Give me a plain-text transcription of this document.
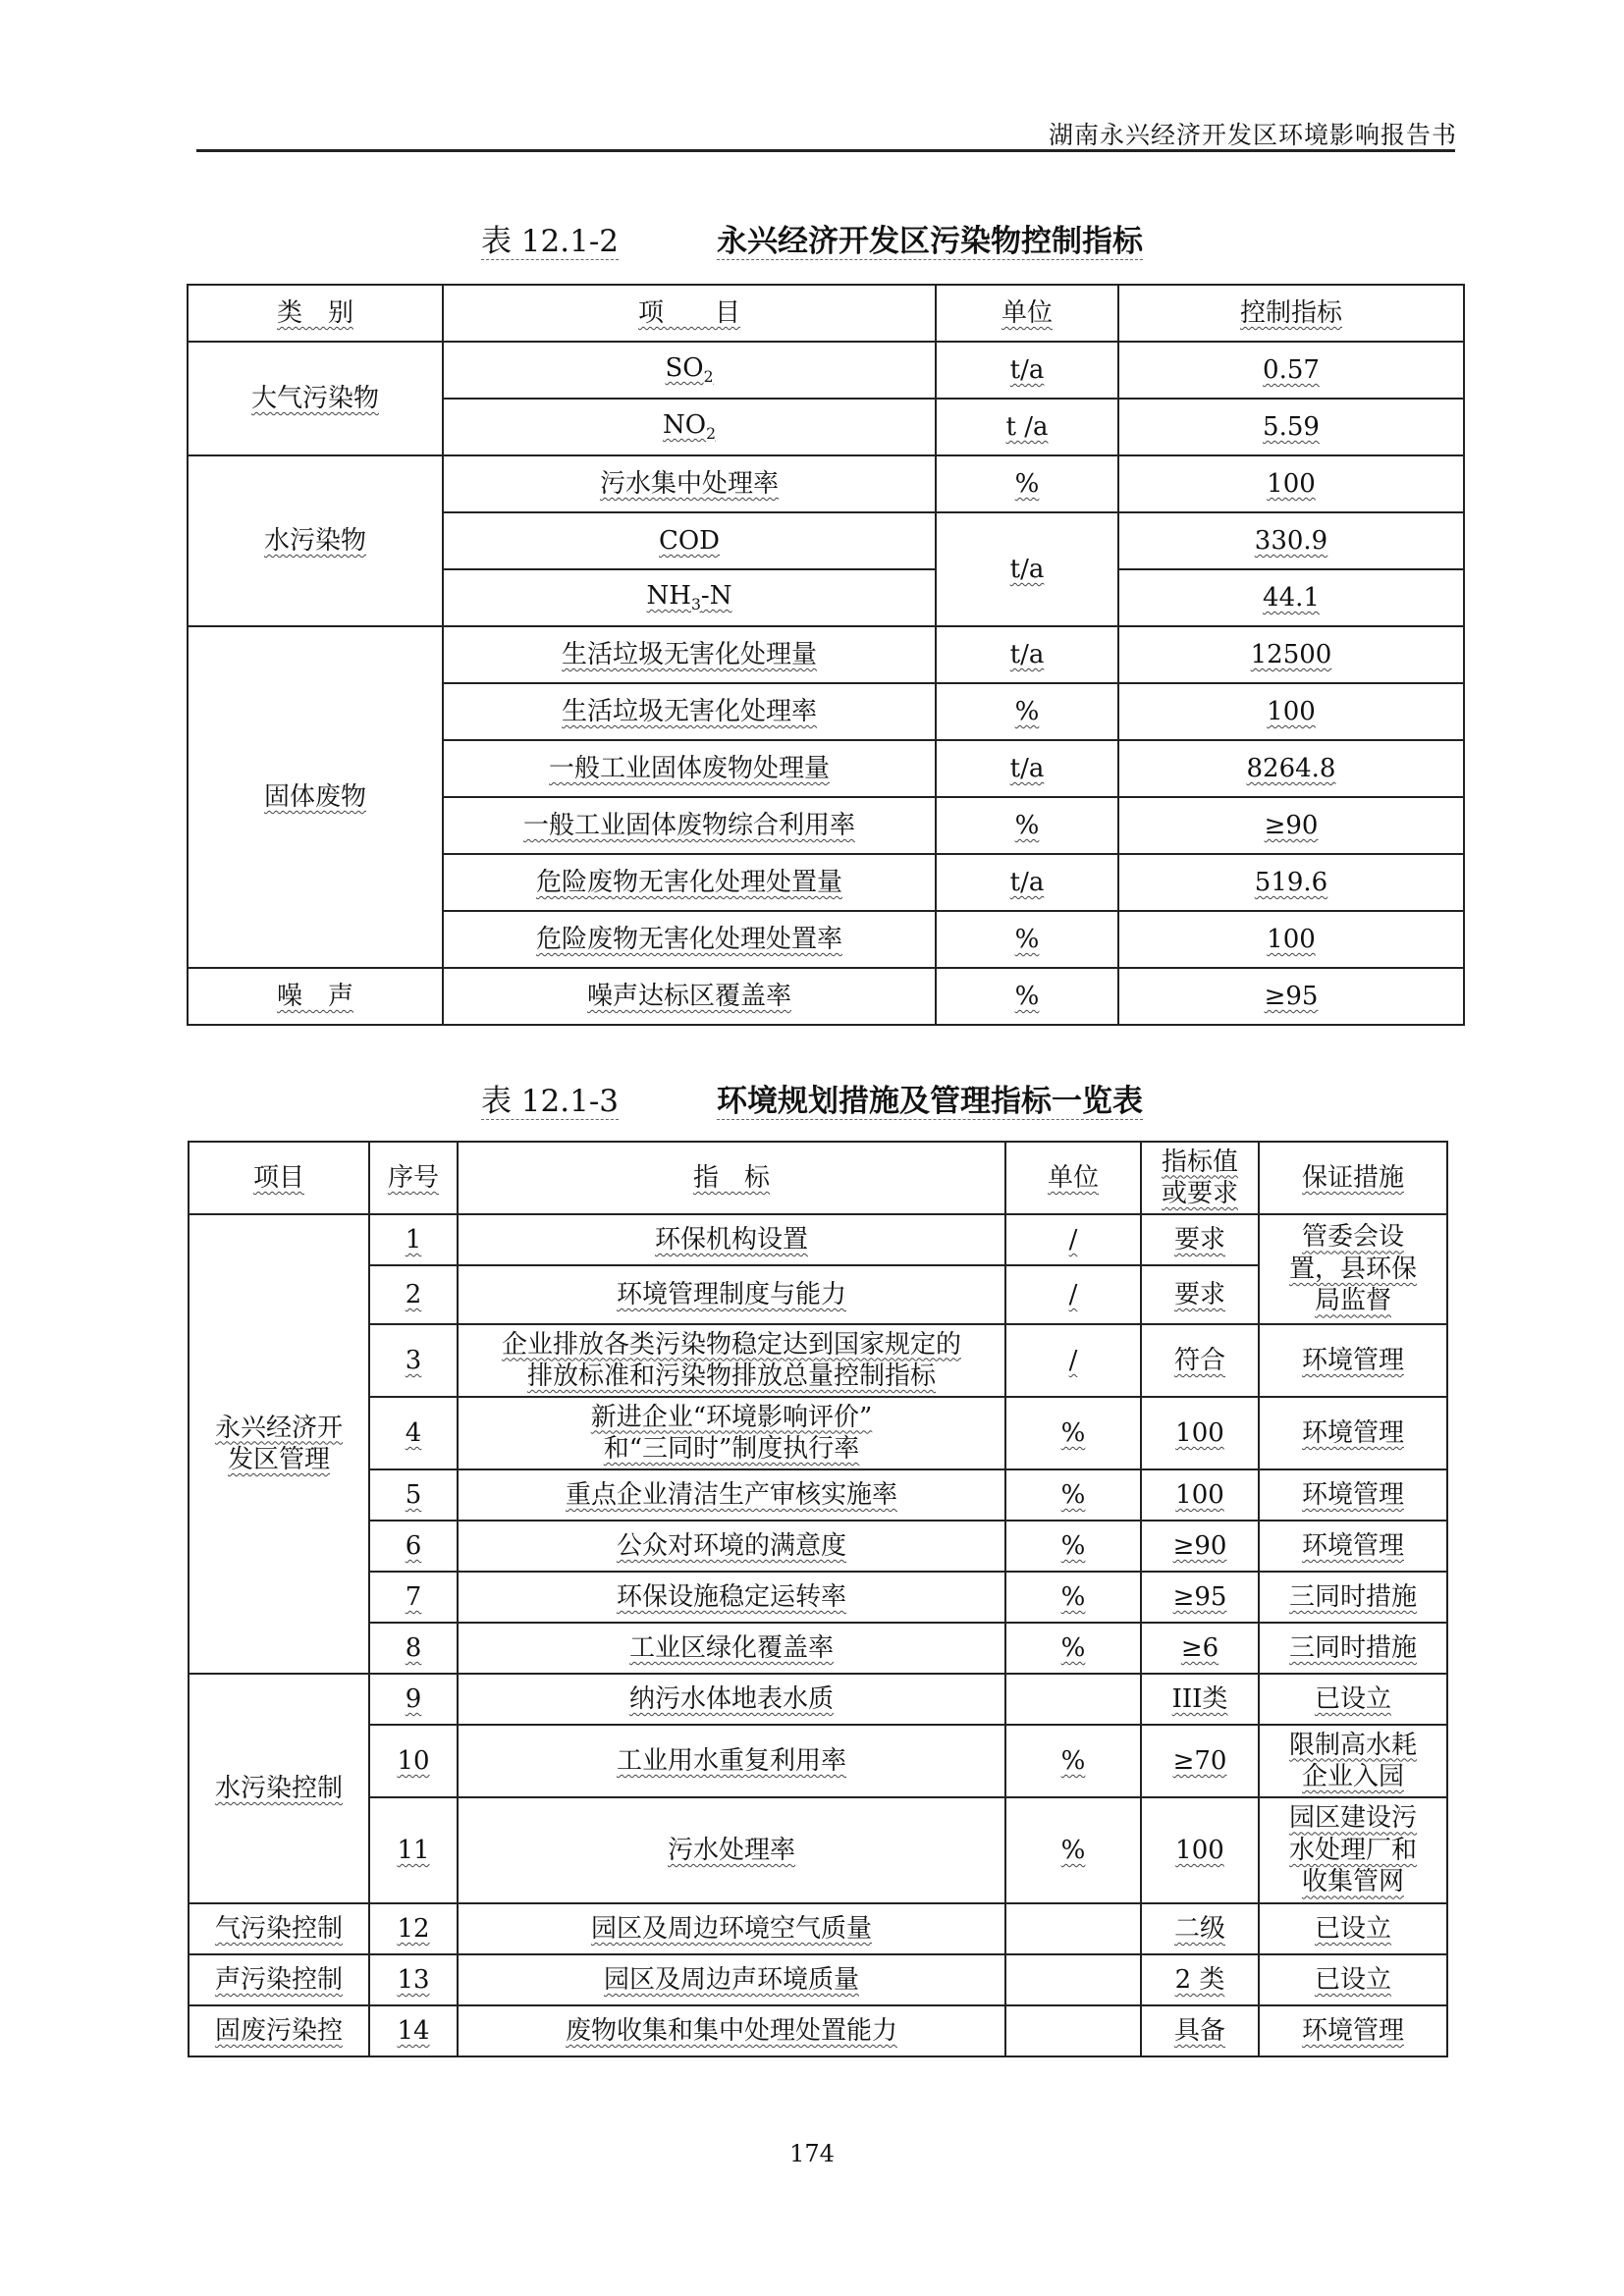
湖南永兴经济开发区环境影响报告书
表 12.1-2	永兴经济开发区污染物控制指标
类　别	项　　目	单位	控制指标
大气污染物	$SO_2$	t/a	0.57
	$NO_2$	t /a	5.59
水污染物	污水集中处理率	%	100
	COD	t/a	330.9
	$NH_3-N$		44.1
固体废物	生活垃圾无害化处理量	t/a	12500
	生活垃圾无害化处理率	%	100
	一般工业固体废物处理量	t/a	8264.8
	一般工业固体废物综合利用率	%	≥90
	危险废物无害化处理处置量	t/a	519.6
	危险废物无害化处理处置率	%	100
噪　声	噪声达标区覆盖率	%	≥95
表 12.1-3	环境规划措施及管理指标一览表
项目	序号	指　标	单位	指标值
或要求	保证措施
永兴经济开
发区管理	1	环保机构设置	/	要求	管委会设
置，县环保
局监督
	2	环境管理制度与能力	/	要求	
	3	企业排放各类污染物稳定达到国家规定的
排放标准和污染物排放总量控制指标	/	符合	环境管理
	4	新进企业“环境影响评价”
和“三同时”制度执行率	%	100	环境管理
	5	重点企业清洁生产审核实施率	%	100	环境管理
	6	公众对环境的满意度	%	≥90	环境管理
	7	环保设施稳定运转率	%	≥95	三同时措施
	8	工业区绿化覆盖率	%	≥6	三同时措施
水污染控制	9	纳污水体地表水质		III类	已设立
	10	工业用水重复利用率	%	≥70	限制高水耗
企业入园
	11	污水处理率	%	100	园区建设污
水处理厂和
收集管网
气污染控制	12	园区及周边环境空气质量		二级	已设立
声污染控制	13	园区及周边声环境质量		2 类	已设立
固废污染控	14	废物收集和集中处理处置能力		具备	环境管理
174
